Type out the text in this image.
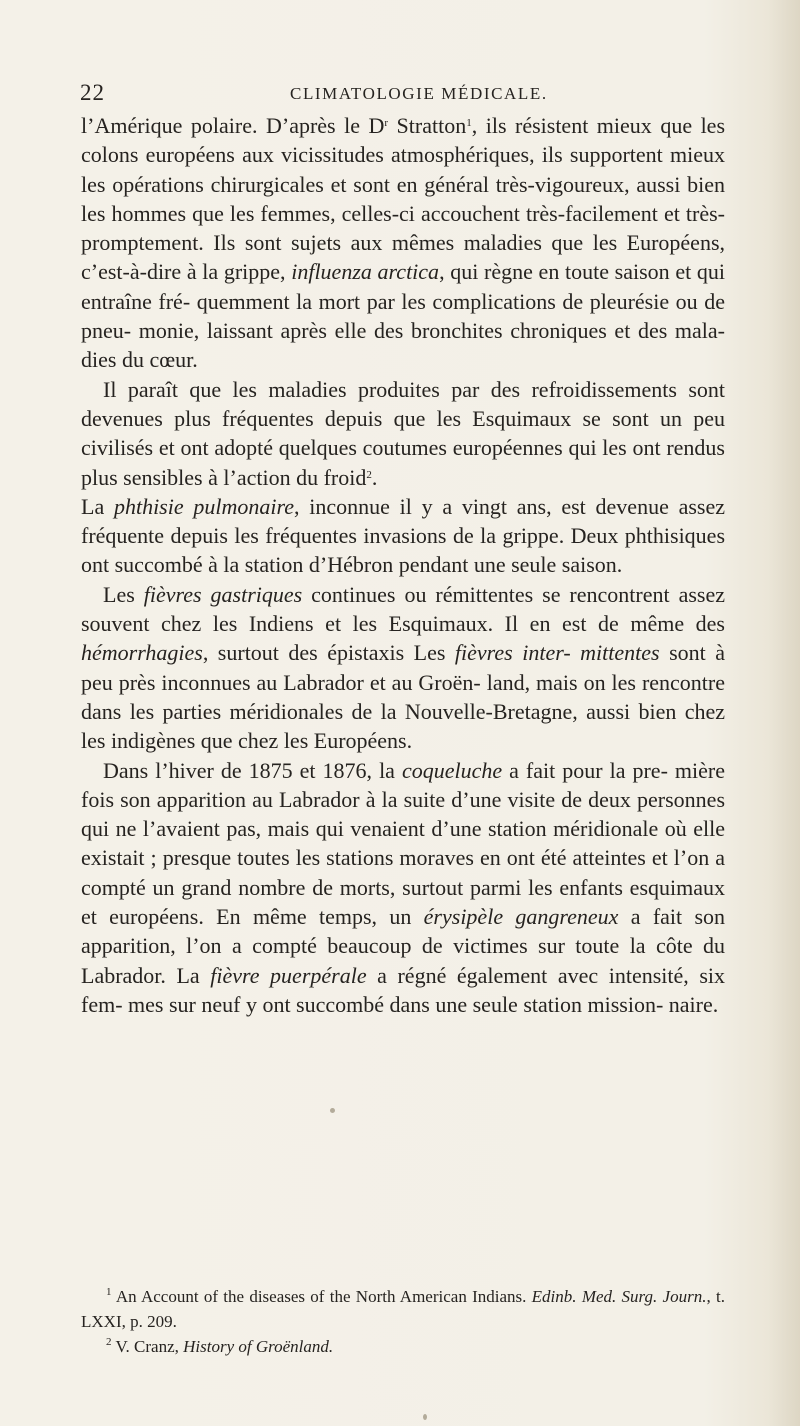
22	CLIMATOLOGIE MÉDICALE.

l’Amérique polaire. D’après le $D^r$ Stratton$^1$, ils résistent mieux que les colons européens aux vicissitudes atmosphériques, ils supportent mieux les opérations chirurgicales et sont en général très-vigoureux, aussi bien les hommes que les femmes, celles-ci accouchent très-facilement et très-promptement. Ils sont sujets aux mêmes maladies que les Européens, c’est-à-dire à la grippe, influenza arctica, qui règne en toute saison et qui entraîne fré- quemment la mort par les complications de pleurésie ou de pneu- monie, laissant après elle des bronchites chroniques et des mala- dies du cœur.

Il paraît que les maladies produites par des refroidissements sont devenues plus fréquentes depuis que les Esquimaux se sont un peu civilisés et ont adopté quelques coutumes européennes qui les ont rendus plus sensibles à l’action du froid$^2$.

La phthisie pulmonaire, inconnue il y a vingt ans, est devenue assez fréquente depuis les fréquentes invasions de la grippe. Deux phthisiques ont succombé à la station d’Hébron pendant une seule saison.

Les fièvres gastriques continues ou rémittentes se rencontrent assez souvent chez les Indiens et les Esquimaux. Il en est de même des hémorrhagies, surtout des épistaxis Les fièvres inter- mittentes sont à peu près inconnues au Labrador et au Groën- land, mais on les rencontre dans les parties méridionales de la Nouvelle-Bretagne, aussi bien chez les indigènes que chez les Européens.

Dans l’hiver de 1875 et 1876, la coqueluche a fait pour la pre- mière fois son apparition au Labrador à la suite d’une visite de deux personnes qui ne l’avaient pas, mais qui venaient d’une station méridionale où elle existait ; presque toutes les stations moraves en ont été atteintes et l’on a compté un grand nombre de morts, surtout parmi les enfants esquimaux et européens. En même temps, un érysipèle gangreneux a fait son apparition, l’on a compté beaucoup de victimes sur toute la côte du Labrador. La fièvre puerpérale a régné également avec intensité, six fem- mes sur neuf y ont succombé dans une seule station mission- naire.

$^1$ An Account of the diseases of the North American Indians. Edinb. Med. Surg. Journ., t. LXXI, p. 209.

$^2$ V. Cranz, History of Groënland.
